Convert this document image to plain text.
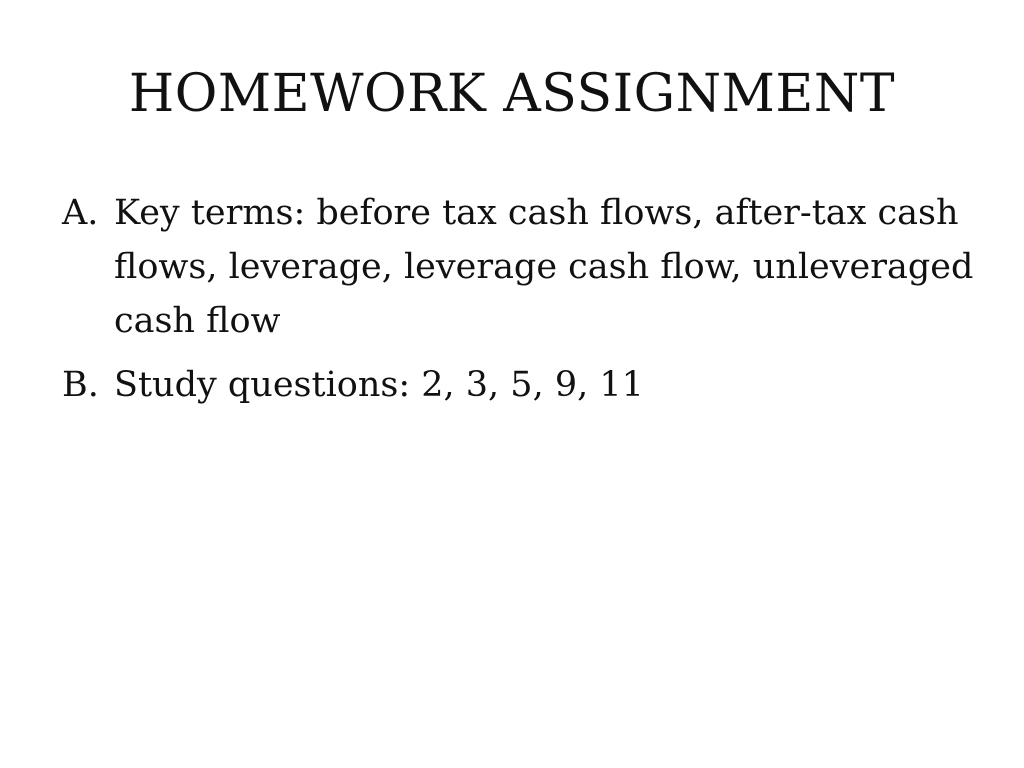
HOMEWORK ASSIGNMENT
A. Key terms: before tax cash flows, after-tax cash flows, leverage, leverage cash flow, unleveraged cash flow
B. Study questions: 2, 3, 5, 9, 11
